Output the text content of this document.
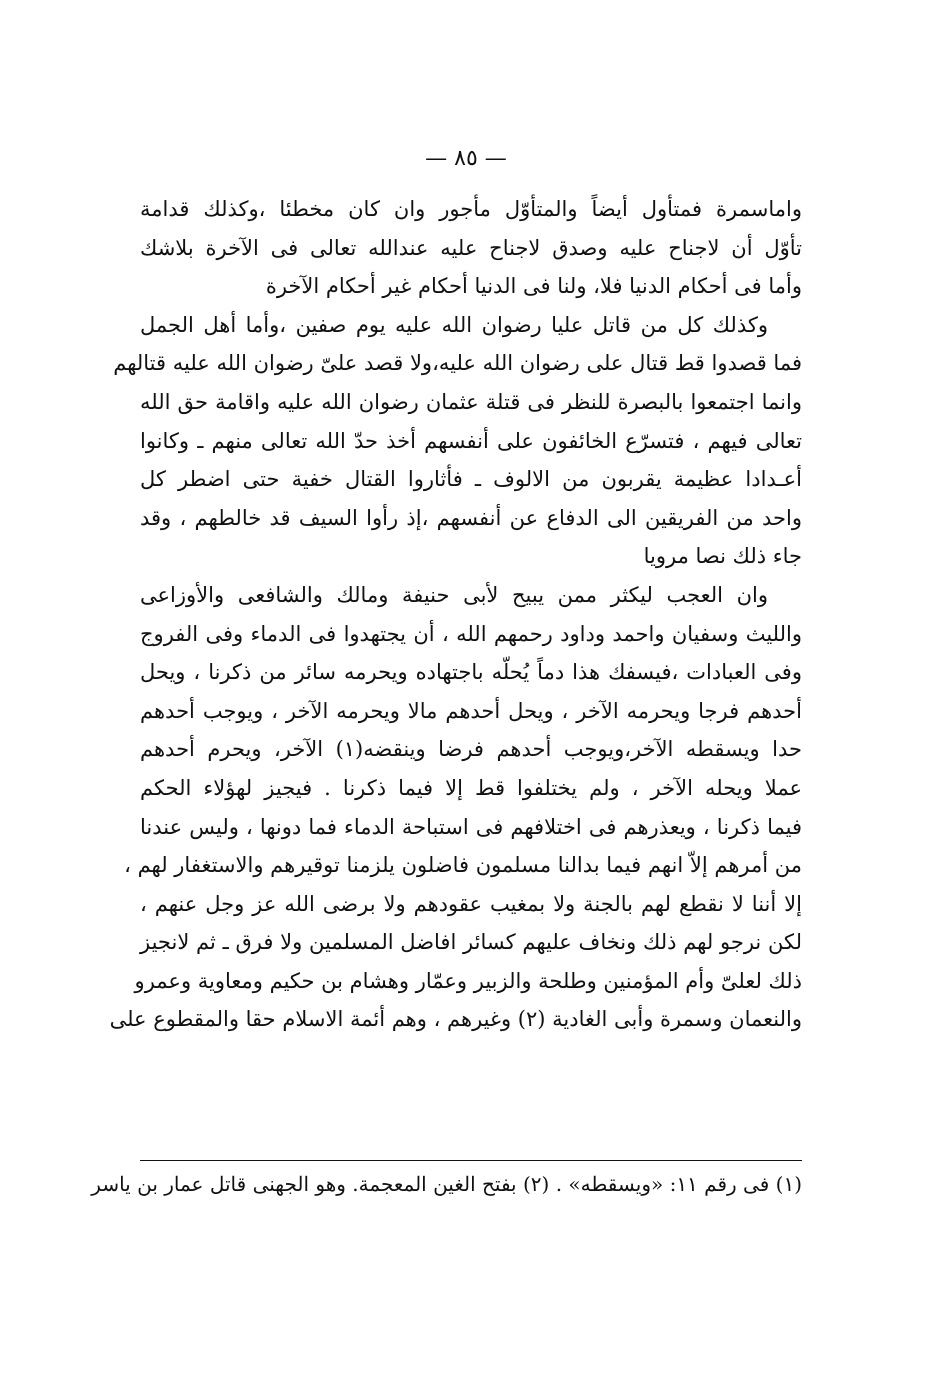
— ٨٥ —
واماسمرة فمتأول أيضاً والمتأوّل مأجور وان كان مخطئا ،وكذلك قدامة
تأوّل أن لاجناح عليه وصدق لاجناح عليه عندالله تعالى فى الآخرة بلاشك
وأما فى أحكام الدنيا فلا، ولنا فى الدنيا أحكام غير أحكام الآخرة
وكذلك كل من قاتل عليا رضوان الله عليه يوم صفين ،وأما أهل الجمل
فما قصدوا قط قتال على رضوان الله عليه،ولا قصد علىّ رضوان الله عليه قتالهم
وانما اجتمعوا بالبصرة للنظر فى قتلة عثمان رضوان الله عليه واقامة حق الله
تعالى فيهم ، فتسرّع الخائفون على أنفسهم أخذ حدّ الله تعالى منهم ـ وكانوا
أعـدادا عظيمة يقربون من الالوف ـ فأثاروا القتال خفية حتى اضطر كل
واحد من الفريقين الى الدفاع عن أنفسهم ،إذ رأوا السيف قد خالطهم ، وقد
جاء ذلك نصا مرويا
وان العجب ليكثر ممن يبيح لأبى حنيفة ومالك والشافعى والأوزاعى
والليث وسفيان واحمد وداود رحمهم الله ، أن يجتهدوا فى الدماء وفى الفروج
وفى العبادات ،فيسفك هذا دماً يُحلّه باجتهاده ويحرمه سائر من ذكرنا ، ويحل
أحدهم فرجا ويحرمه الآخر ، ويحل أحدهم مالا ويحرمه الآخر ، ويوجب أحدهم
حدا ويسقطه الآخر،ويوجب أحدهم فرضا وينقضه(١) الآخر، ويحرم أحدهم
عملا ويحله الآخر ، ولم يختلفوا قط إلا فيما ذكرنا . فيجيز لهؤلاء الحكم
فيما ذكرنا ، ويعذرهم فى اختلافهم فى استباحة الدماء فما دونها ، وليس عندنا
من أمرهم إلاّ انهم فيما بدالنا مسلمون فاضلون يلزمنا توقيرهم والاستغفار لهم ،
إلا أننا لا نقطع لهم بالجنة ولا بمغيب عقودهم ولا برضى الله عز وجل عنهم ،
لكن نرجو لهم ذلك ونخاف عليهم كسائر افاضل المسلمين ولا فرق ـ ثم لانجيز
ذلك لعلىّ وأم المؤمنين وطلحة والزبير وعمّار وهشام بن حكيم ومعاوية وعمرو
والنعمان وسمرة وأبى الغادية (٢) وغيرهم ، وهم أئمة الاسلام حقا والمقطوع على
(١) فى رقم ١١: «ويسقطه» . (٢) بفتح الغين المعجمة. وهو الجهنى قاتل عمار بن ياسر
